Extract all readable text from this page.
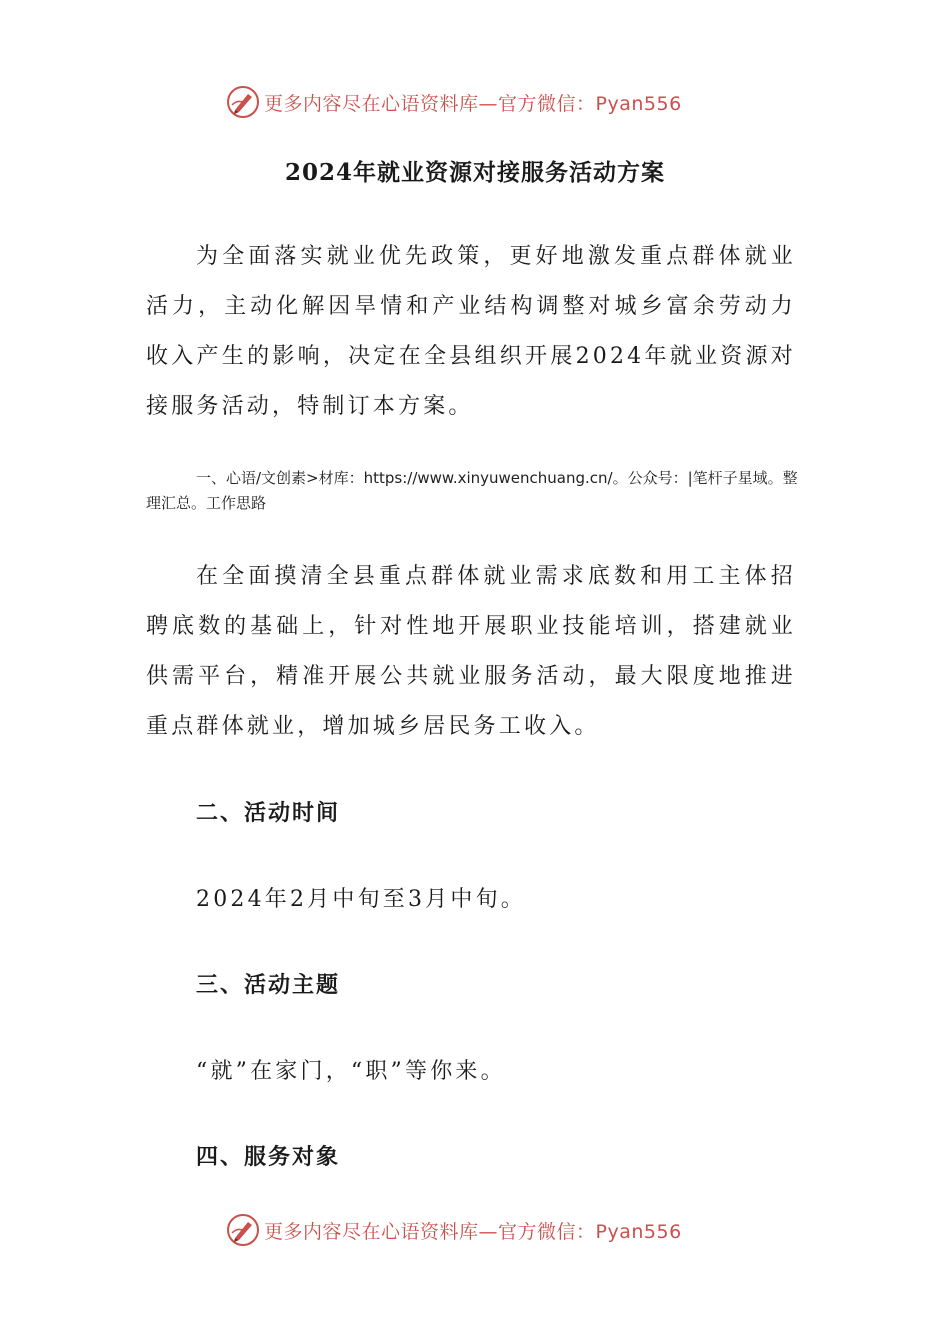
更多内容尽在心语资料库—官方微信：Pyan556
2024年就业资源对接服务活动方案

为全面落实就业优先政策，更好地激发重点群体就业活力，主动化解因旱情和产业结构调整对城乡富余劳动力收入产生的影响，决定在全县组织开展2024年就业资源对接服务活动，特制订本方案。

一、心语/文创素>材库：https://www.xinyuwenchuang.cn/。公众号：|笔杆子星域。整理汇总。工作思路

在全面摸清全县重点群体就业需求底数和用工主体招聘底数的基础上，针对性地开展职业技能培训，搭建就业供需平台，精准开展公共就业服务活动，最大限度地推进重点群体就业，增加城乡居民务工收入。

二、活动时间

2024年2月中旬至3月中旬。

三、活动主题

“就”在家门，“职”等你来。

四、服务对象
更多内容尽在心语资料库—官方微信：Pyan556
